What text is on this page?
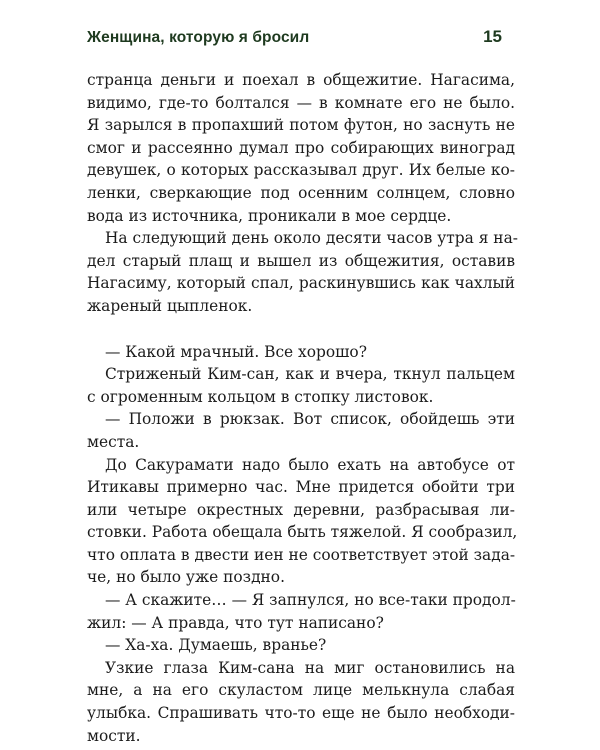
Женщина, которую я бросил	15
странца деньги и поехал в общежитие. Нагасима,
видимо, где-то болтался — в комнате его не было.
Я зарылся в пропахший потом футон, но заснуть не
смог и рассеянно думал про собирающих виноград
девушек, о которых рассказывал друг. Их белые ко-
ленки, сверкающие под осенним солнцем, словно
вода из источника, проникали в мое сердце.
На следующий день около десяти часов утра я на-
дел старый плащ и вышел из общежития, оставив
Нагасиму, который спал, раскинувшись как чахлый
жареный цыпленок.
— Какой мрачный. Все хорошо?
Стриженый Ким-сан, как и вчера, ткнул пальцем
с огроменным кольцом в стопку листовок.
— Положи в рюкзак. Вот список, обойдешь эти
места.
До Сакурамати надо было ехать на автобусе от
Итикавы примерно час. Мне придется обойти три
или четыре окрестных деревни, разбрасывая ли-
стовки. Работа обещала быть тяжелой. Я сообразил,
что оплата в двести иен не соответствует этой зада-
че, но было уже поздно.
— А скажите… — Я запнулся, но все-таки продол-
жил: — А правда, что тут написано?
— Ха-ха. Думаешь, вранье?
Узкие глаза Ким-сана на миг остановились на
мне, а на его скуластом лице мелькнула слабая
улыбка. Спрашивать что-то еще не было необходи-
мости.
